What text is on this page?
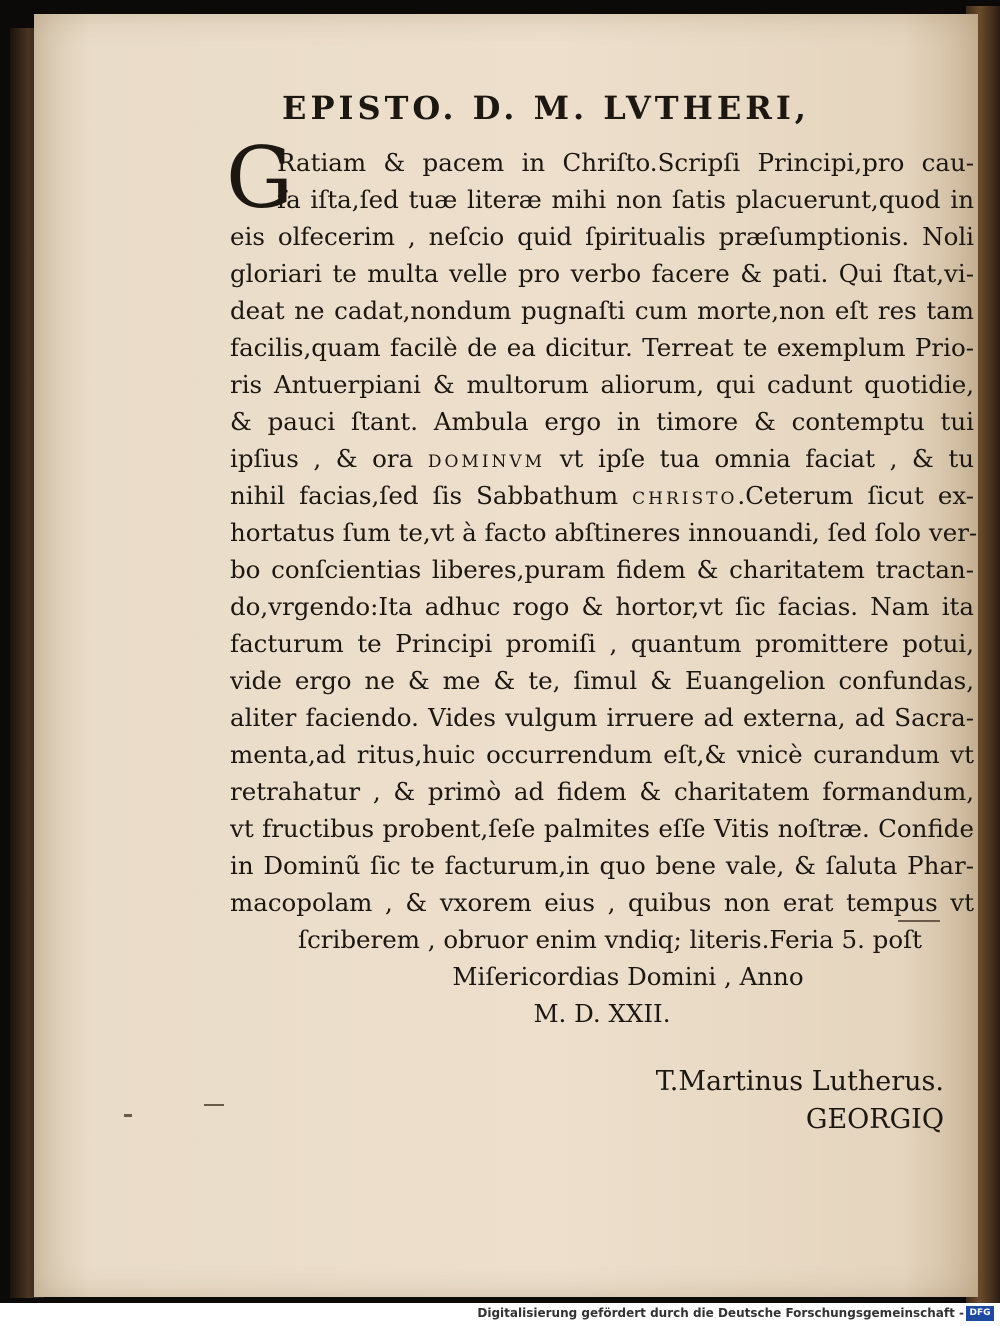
EPISTO. D. M. LVTHERI,
G

Ratiam & pacem in Chriſto.Scripſi Principi,pro cau-

ſa iſta,ſed tuæ literæ mihi non ſatis placuerunt,quod in

eis olfecerim , neſcio quid ſpiritualis præſumptionis. Noli

gloriari te multa velle pro verbo facere & pati. Qui ſtat,vi-

deat ne cadat,nondum pugnaſti cum morte,non eſt res tam

facilis,quam facilè de ea dicitur. Terreat te exemplum Prio-

ris Antuerpiani & multorum aliorum, qui cadunt quotidie,

& pauci ſtant. Ambula ergo in timore & contemptu tui

ipſius , & ora DOMINVM vt ipſe tua omnia faciat , & tu

nihil facias,ſed ſis Sabbathum CHRISTO.Ceterum ſicut ex-

hortatus ſum te,vt à facto abſtineres innouandi, ſed ſolo ver-

bo conſcientias liberes,puram fidem & charitatem tractan-

do,vrgendo:Ita adhuc rogo & hortor,vt ſic facias. Nam ita

facturum te Principi promiſi , quantum promittere potui,

vide ergo ne & me & te, ſimul & Euangelion confundas,

aliter faciendo. Vides vulgum irruere ad externa, ad Sacra-

menta,ad ritus,huic occurrendum eſt,& vnicè curandum vt

retrahatur , & primò ad fidem & charitatem formandum,

vt fructibus probent,ſeſe palmites eſſe Vitis noſtræ. Confide

in Dominũ ſic te facturum,in quo bene vale, & ſaluta Phar-

macopolam , & vxorem eius , quibus non erat tempus vt

ſcriberem , obruor enim vndiq; literis.Feria 5. poſt

Miſericordias Domini , Anno

M. D. XXII.

T.Martinus Lutherus.
GEORGIQ
Digitalisierung gefördert durch die Deutsche Forschungsgemeinschaft - DFG
